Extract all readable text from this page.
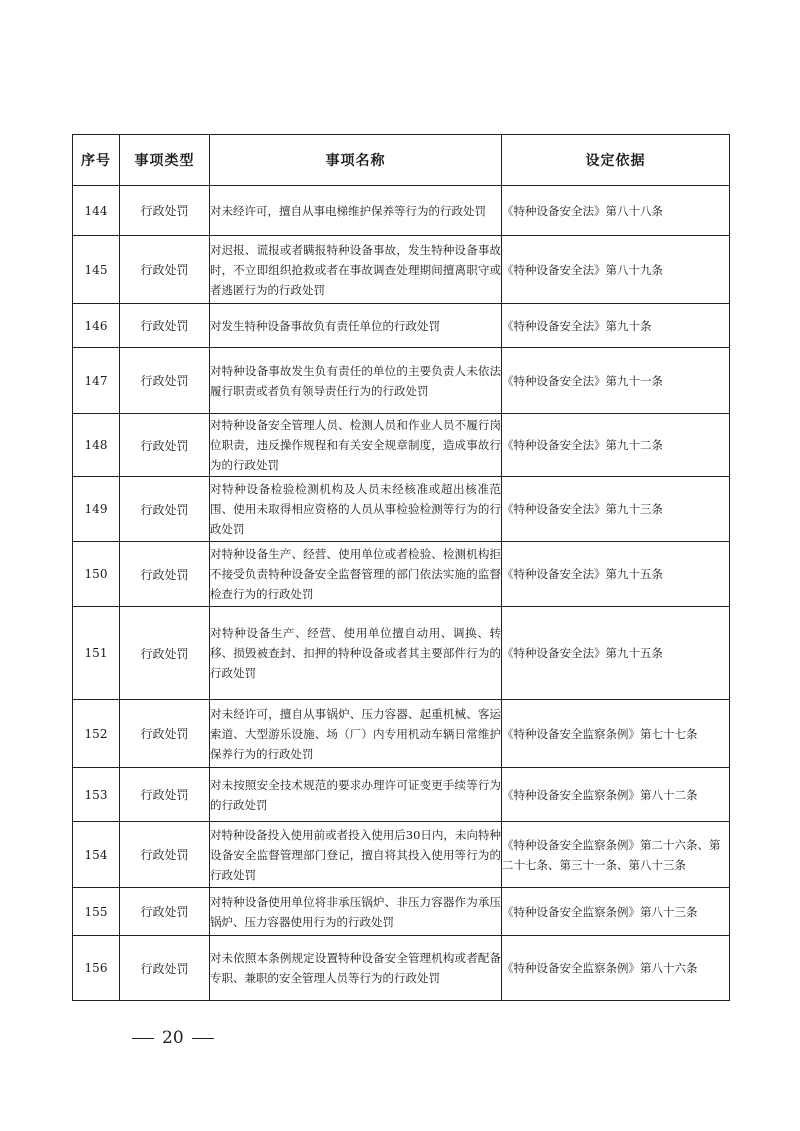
序号	事项类型	事项名称	设定依据
144	行政处罚	对未经许可，擅自从事电梯维护保养等行为的行政处罚	《特种设备安全法》第八十八条
145	行政处罚	对迟报、谎报或者瞒报特种设备事故，发生特种设备事故时，不立即组织抢救或者在事故调查处理期间擅离职守或者逃匿行为的行政处罚	《特种设备安全法》第八十九条
146	行政处罚	对发生特种设备事故负有责任单位的行政处罚	《特种设备安全法》第九十条
147	行政处罚	对特种设备事故发生负有责任的单位的主要负责人未依法履行职责或者负有领导责任行为的行政处罚	《特种设备安全法》第九十一条
148	行政处罚	对特种设备安全管理人员、检测人员和作业人员不履行岗位职责，违反操作规程和有关安全规章制度，造成事故行为的行政处罚	《特种设备安全法》第九十二条
149	行政处罚	对特种设备检验检测机构及人员未经核准或超出核准范围、使用未取得相应资格的人员从事检验检测等行为的行政处罚	《特种设备安全法》第九十三条
150	行政处罚	对特种设备生产、经营、使用单位或者检验、检测机构拒不接受负责特种设备安全监督管理的部门依法实施的监督检查行为的行政处罚	《特种设备安全法》第九十五条
151	行政处罚	对特种设备生产、经营、使用单位擅自动用、调换、转移、损毁被查封、扣押的特种设备或者其主要部件行为的行政处罚	《特种设备安全法》第九十五条
152	行政处罚	对未经许可，擅自从事锅炉、压力容器、起重机械、客运索道、大型游乐设施、场（厂）内专用机动车辆日常维护保养行为的行政处罚	《特种设备安全监察条例》第七十七条
153	行政处罚	对未按照安全技术规范的要求办理许可证变更手续等行为的行政处罚	《特种设备安全监察条例》第八十二条
154	行政处罚	对特种设备投入使用前或者投入使用后30日内，未向特种设备安全监督管理部门登记，擅自将其投入使用等行为的行政处罚	《特种设备安全监察条例》第二十六条、第二十七条、第三十一条、第八十三条
155	行政处罚	对特种设备使用单位将非承压锅炉、非压力容器作为承压锅炉、压力容器使用行为的行政处罚	《特种设备安全监察条例》第八十三条
156	行政处罚	对未依照本条例规定设置特种设备安全管理机构或者配备专职、兼职的安全管理人员等行为的行政处罚	《特种设备安全监察条例》第八十六条
20
